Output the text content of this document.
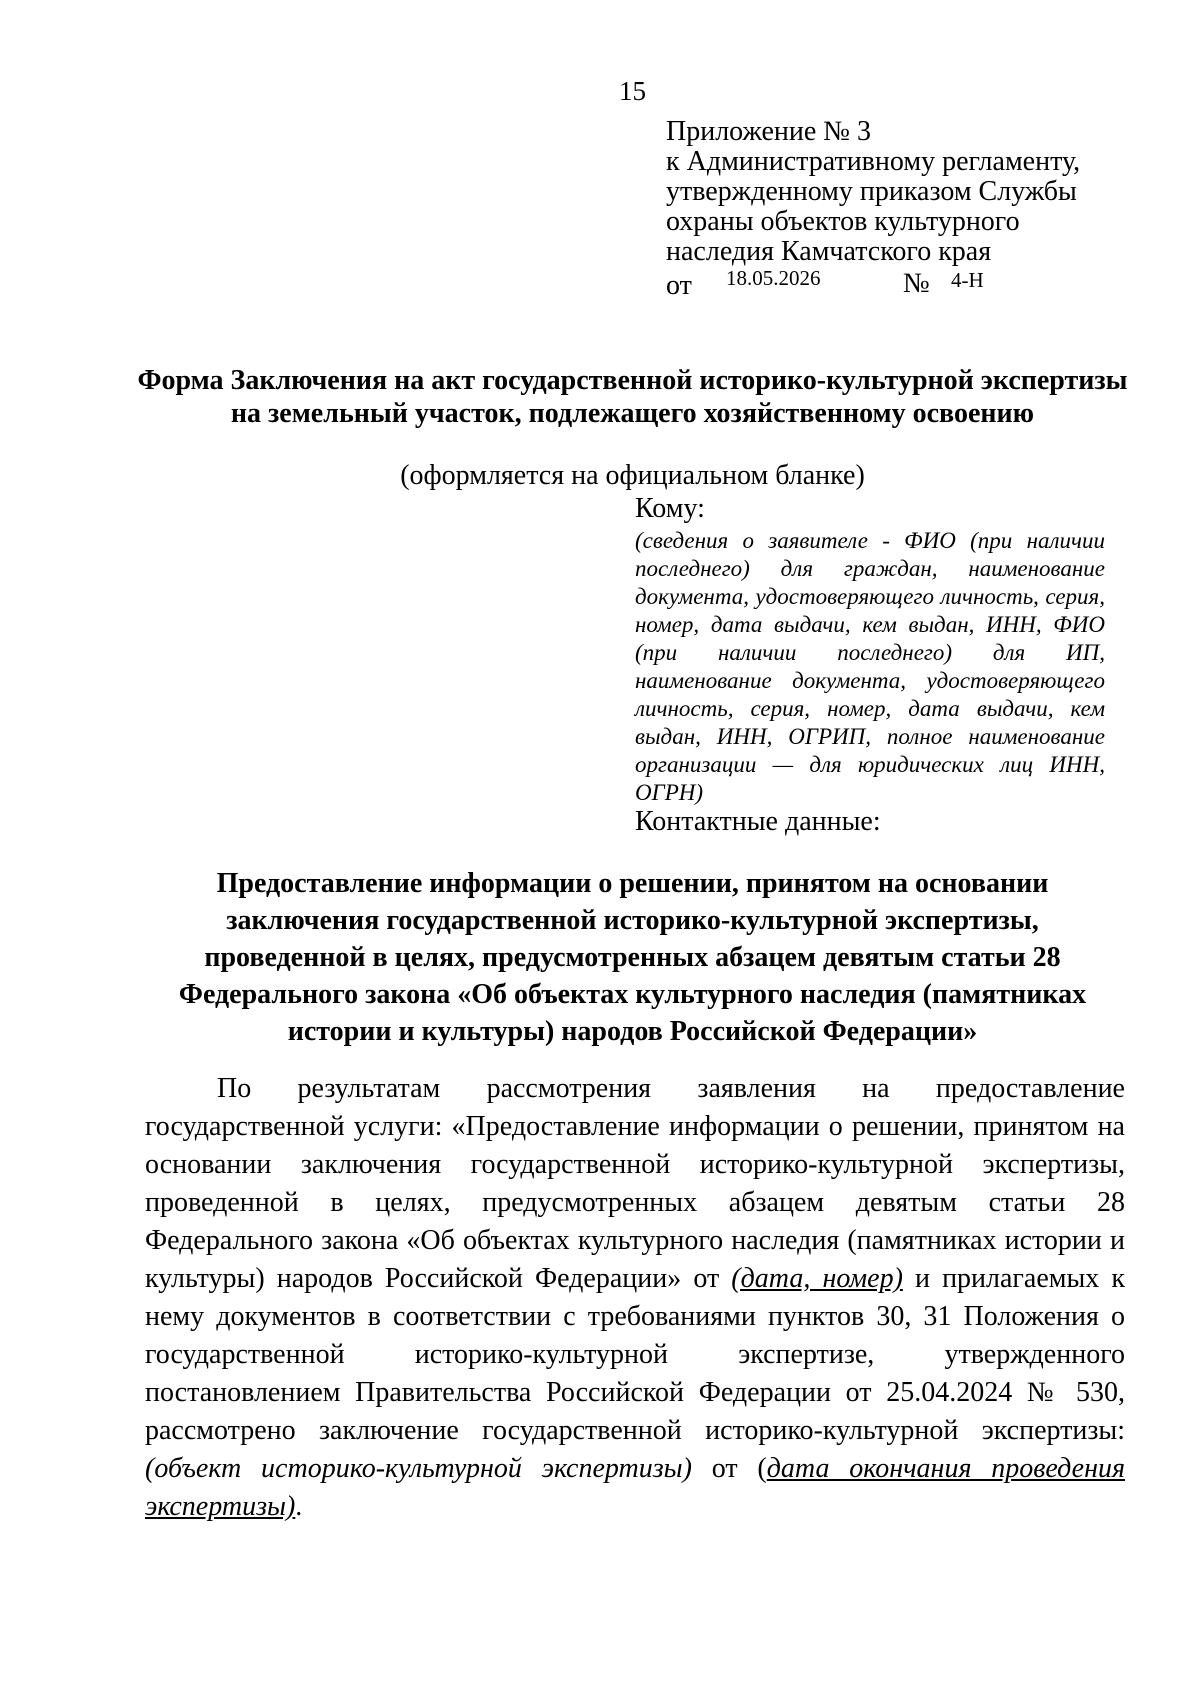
15
Приложение № 3
к Административному регламенту,
утвержденному приказом Службы
охраны объектов культурного
наследия Камчатского края
от 18.05.2026	№ 4-Н
Форма Заключения на акт государственной историко-культурной экспертизы на земельный участок, подлежащего хозяйственному освоению
(оформляется на официальном бланке)
Кому:
(сведения о заявителе - ФИО (при наличии последнего) для граждан, наименование документа, удостоверяющего личность, серия, номер, дата выдачи, кем выдан, ИНН, ФИО (при наличии последнего) для ИП, наименование документа, удостоверяющего личность, серия, номер, дата выдачи, кем выдан, ИНН, ОГРИП, полное наименование организации — для юридических лиц ИНН, ОГРН)
Контактные данные:
Предоставление информации о решении, принятом на основании заключения государственной историко-культурной экспертизы, проведенной в целях, предусмотренных абзацем девятым статьи 28 Федерального закона «Об объектах культурного наследия (памятниках истории и культуры) народов Российской Федерации»
По результатам рассмотрения заявления на предоставление государственной услуги: «Предоставление информации о решении, принятом на основании заключения государственной историко-культурной экспертизы, проведенной в целях, предусмотренных абзацем девятым статьи 28 Федерального закона «Об объектах культурного наследия (памятниках истории и культуры) народов Российской Федерации» от (дата, номер) и прилагаемых к нему документов в соответствии с требованиями пунктов 30, 31 Положения о государственной историко-культурной экспертизе, утвержденного постановлением Правительства Российской Федерации от 25.04.2024 № 530, рассмотрено заключение государственной историко-культурной экспертизы: (объект историко-культурной экспертизы) от (дата окончания проведения экспертизы).
